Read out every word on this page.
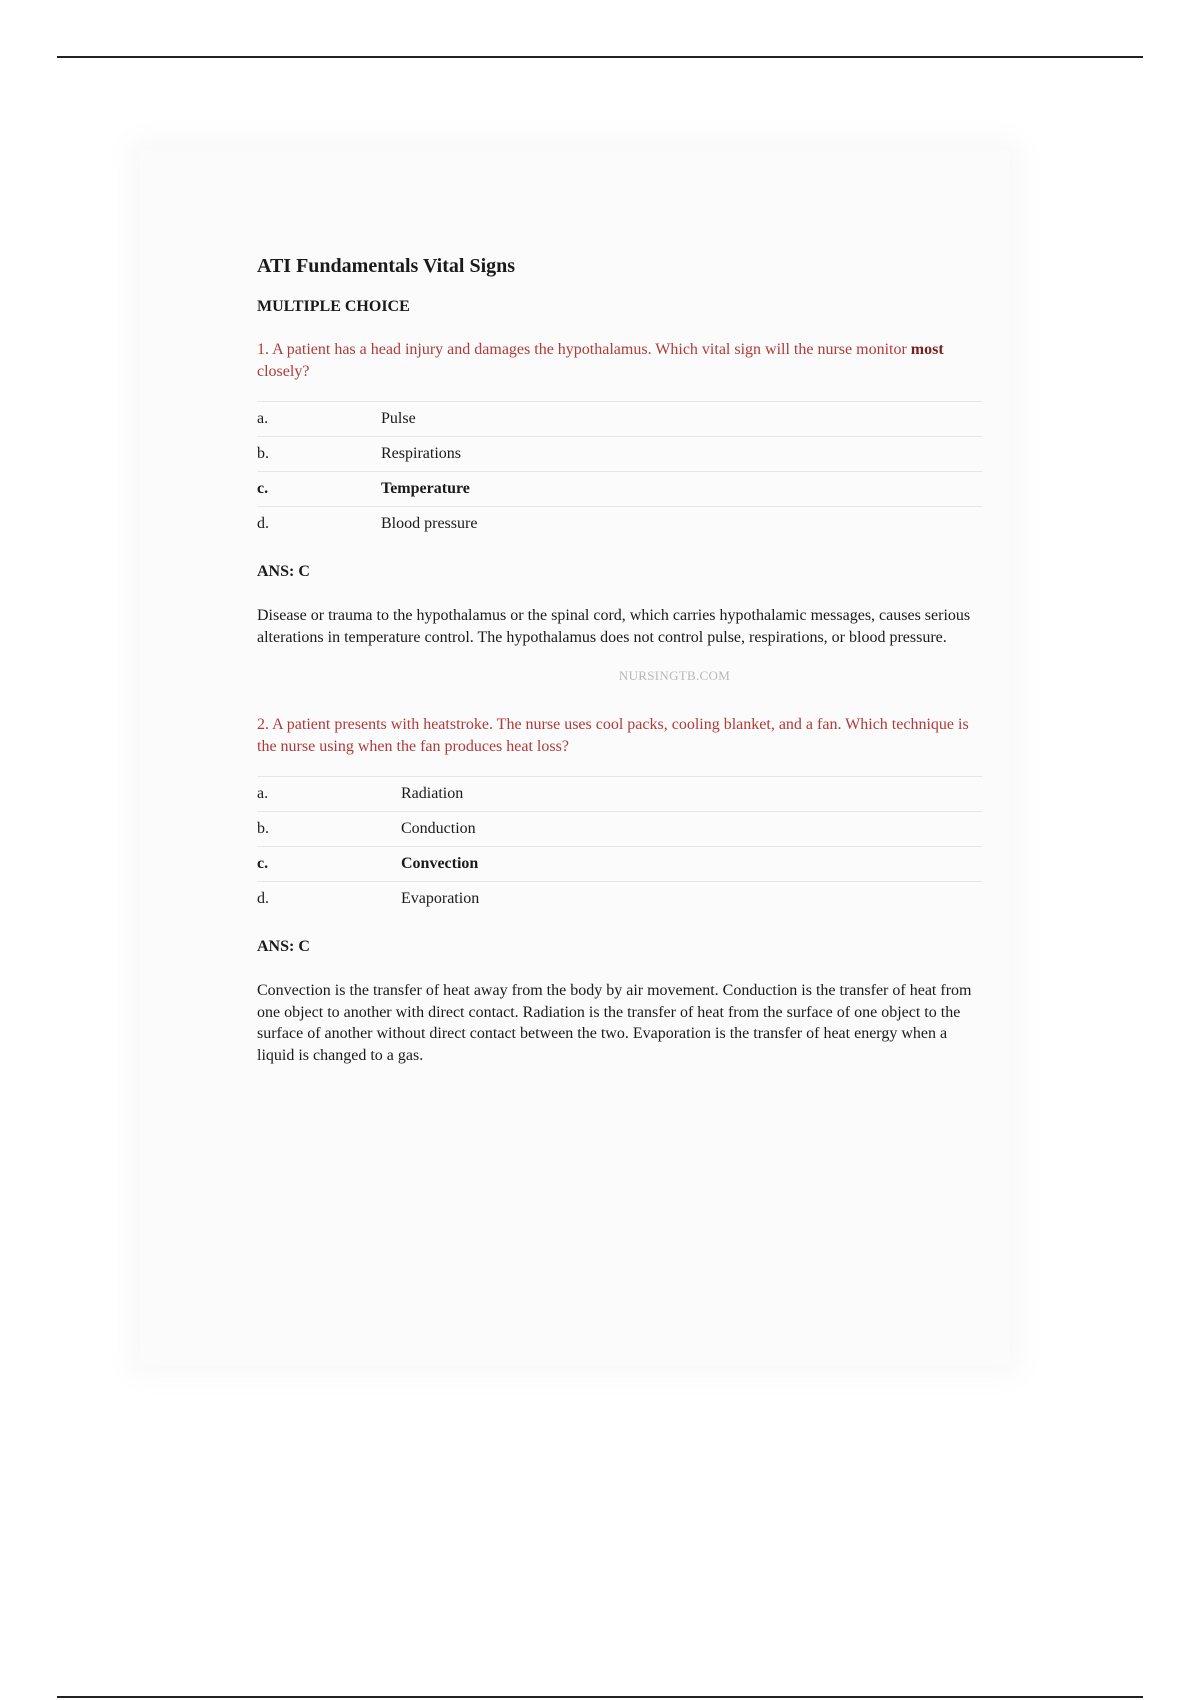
ATI Fundamentals Vital Signs
MULTIPLE CHOICE
1. A patient has a head injury and damages the hypothalamus. Which vital sign will the nurse monitor most closely?
a.	Pulse
b.	Respirations
c.	Temperature
d.	Blood pressure
ANS: C

Disease or trauma to the hypothalamus or the spinal cord, which carries hypothalamic messages, causes serious alterations in temperature control. The hypothalamus does not control pulse, respirations, or blood pressure.

NURSINGTB.COM
2. A patient presents with heatstroke. The nurse uses cool packs, cooling blanket, and a fan. Which technique is the nurse using when the fan produces heat loss?
a.	Radiation
b.	Conduction
c.	Convection
d.	Evaporation
ANS: C

Convection is the transfer of heat away from the body by air movement. Conduction is the transfer of heat from one object to another with direct contact. Radiation is the transfer of heat from the surface of one object to the surface of another without direct contact between the two. Evaporation is the transfer of heat energy when a liquid is changed to a gas.
